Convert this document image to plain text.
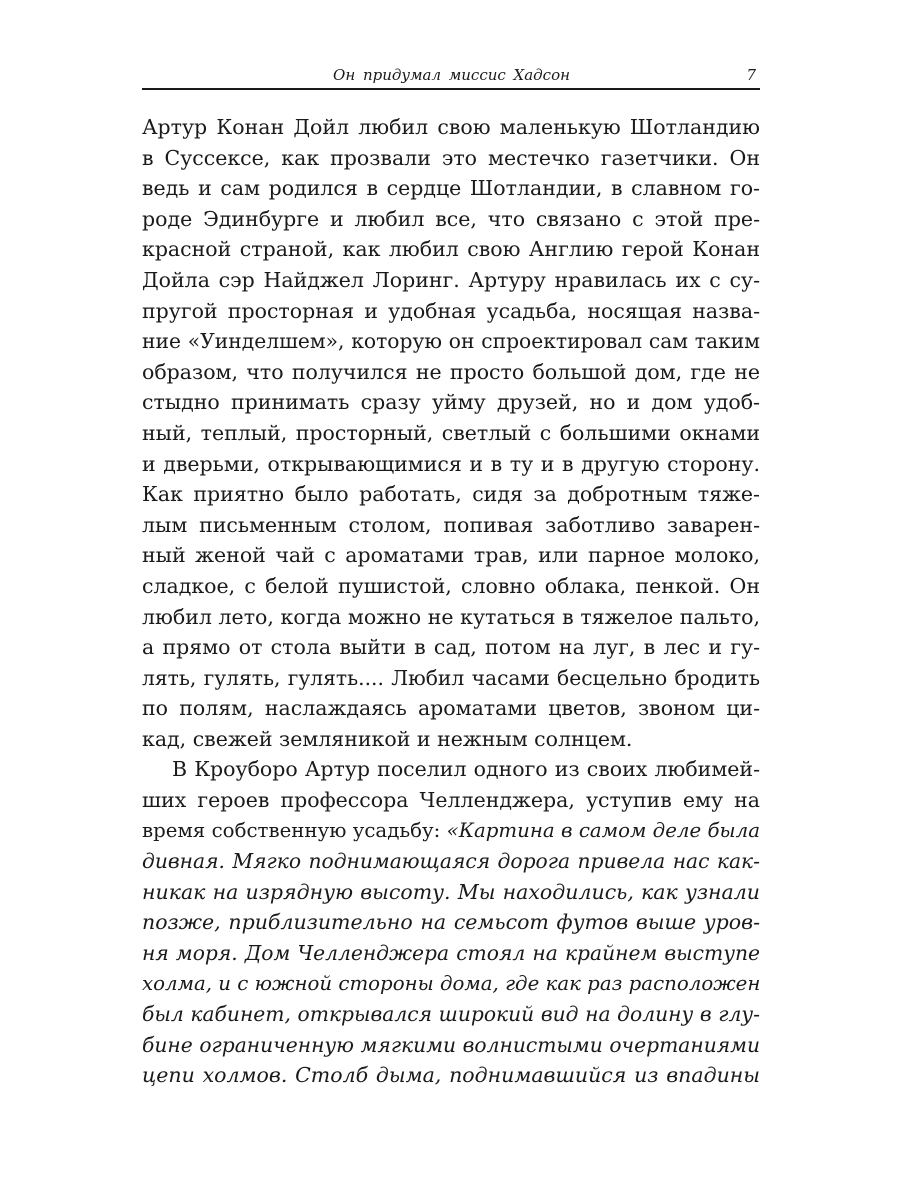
Он придумал миссис Хадсон	7
Артур Конан Дойл любил свою маленькую Шотландию
в Суссексе, как прозвали это местечко газетчики. Он
ведь и сам родился в сердце Шотландии, в славном го-
роде Эдинбурге и любил все, что связано с этой пре-
красной страной, как любил свою Англию герой Конан
Дойла сэр Найджел Лоринг. Артуру нравилась их с су-
пругой просторная и удобная усадьба, носящая назва-
ние «Уинделшем», которую он спроектировал сам таким
образом, что получился не просто большой дом, где не
стыдно принимать сразу уйму друзей, но и дом удоб-
ный, теплый, просторный, светлый с большими окнами
и дверьми, открывающимися и в ту и в другую сторону.
Как приятно было работать, сидя за добротным тяже-
лым письменным столом, попивая заботливо заварен-
ный женой чай с ароматами трав, или парное молоко,
сладкое, с белой пушистой, словно облака, пенкой. Он
любил лето, когда можно не кутаться в тяжелое пальто,
а прямо от стола выйти в сад, потом на луг, в лес и гу-
лять, гулять, гулять.... Любил часами бесцельно бродить
по полям, наслаждаясь ароматами цветов, звоном ци-
кад, свежей земляникой и нежным солнцем.
В Кроуборо Артур поселил одного из своих любимей-
ших героев профессора Челленджера, уступив ему на
время собственную усадьбу: «Картина в самом деле была
дивная. Мягко поднимающаяся дорога привела нас как-
никак на изрядную высоту. Мы находились, как узнали
позже, приблизительно на семьсот футов выше уров-
ня моря. Дом Челленджера стоял на крайнем выступе
холма, и с южной стороны дома, где как раз расположен
был кабинет, открывался широкий вид на долину в глу-
бине ограниченную мягкими волнистыми очертаниями
цепи холмов. Столб дыма, поднимавшийся из впадины
